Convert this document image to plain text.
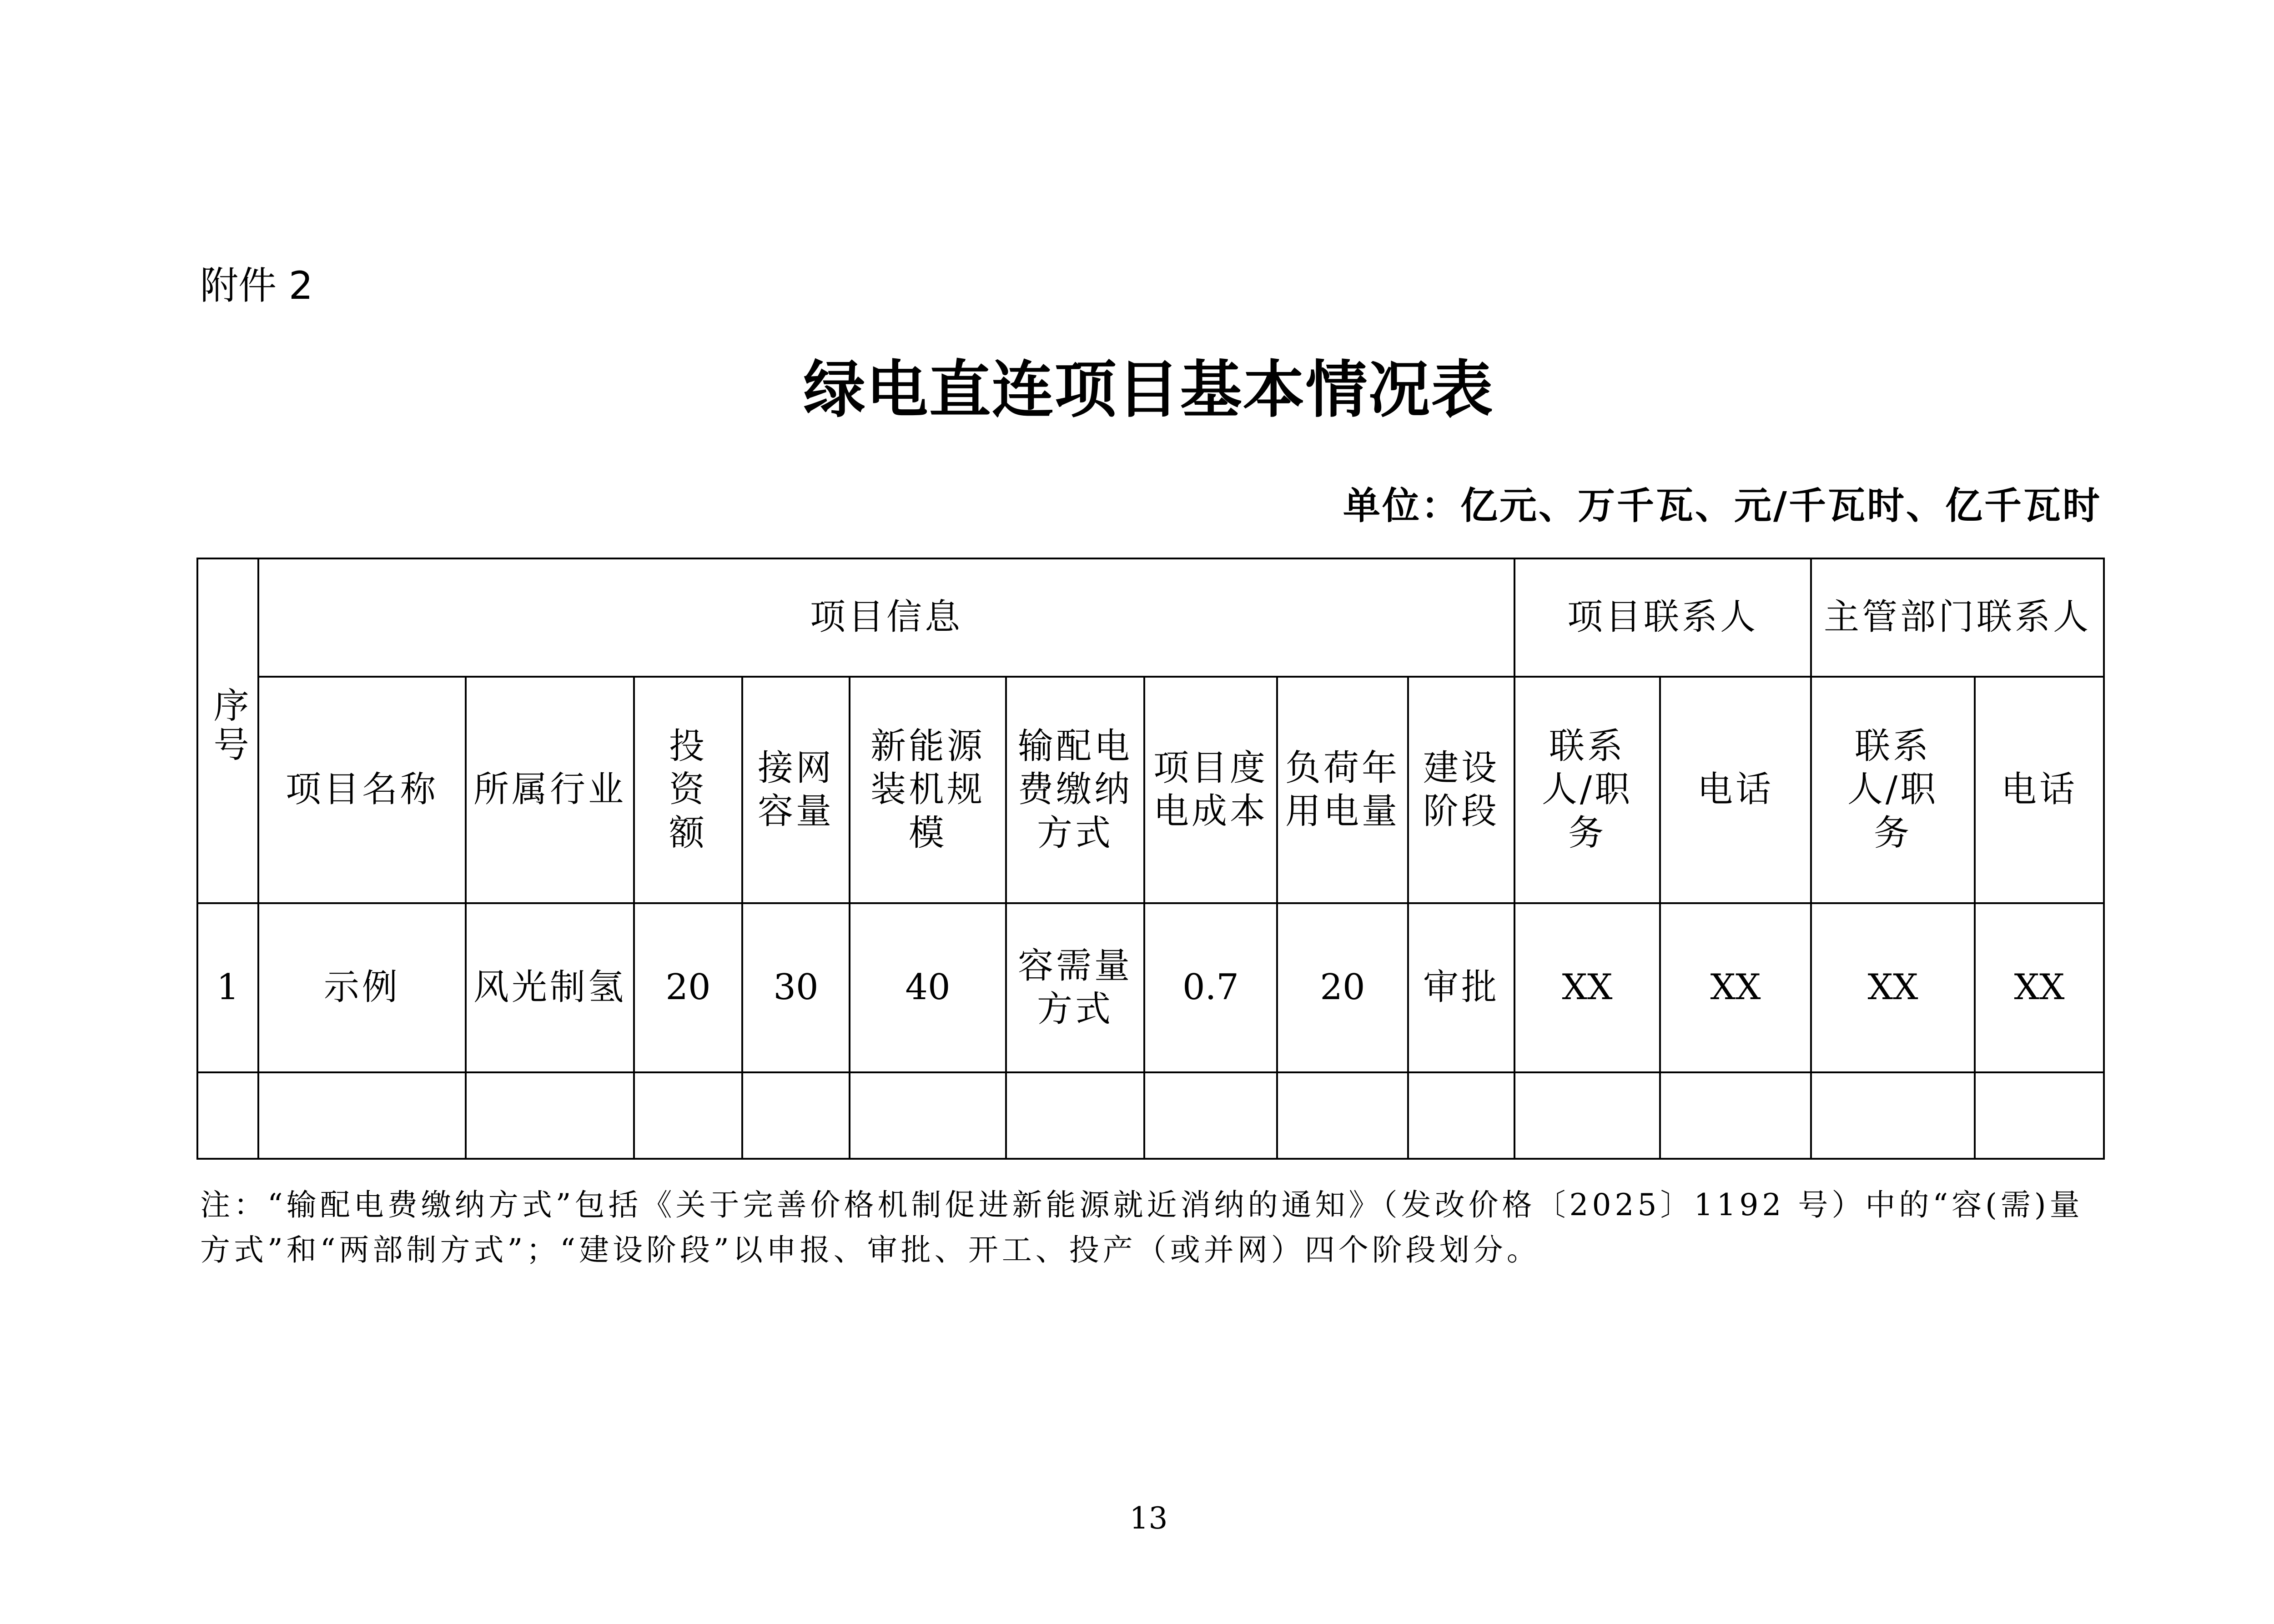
附件 2
绿电直连项目基本情况表
单位：亿元、万千瓦、元/千瓦时、亿千瓦时
序号	项目信息									项目联系人		主管部门联系人	
	项目名称	所属行业	投资额	接网容量	新能源装机规模	输配电费缴纳方式	项目度电成本	负荷年用电量	建设阶段	联系人/职务	电话	联系人/职务	电话
1	示例	风光制氢	20	30	40	容需量方式	0.7	20	审批	XX	XX	XX	XX

注：“输配电费缴纳方式”包括《关于完善价格机制促进新能源就近消纳的通知》（发改价格〔2025〕1192 号）中的“容(需)量

方式”和“两部制方式”；“建设阶段”以申报、审批、开工、投产（或并网）四个阶段划分。

13
